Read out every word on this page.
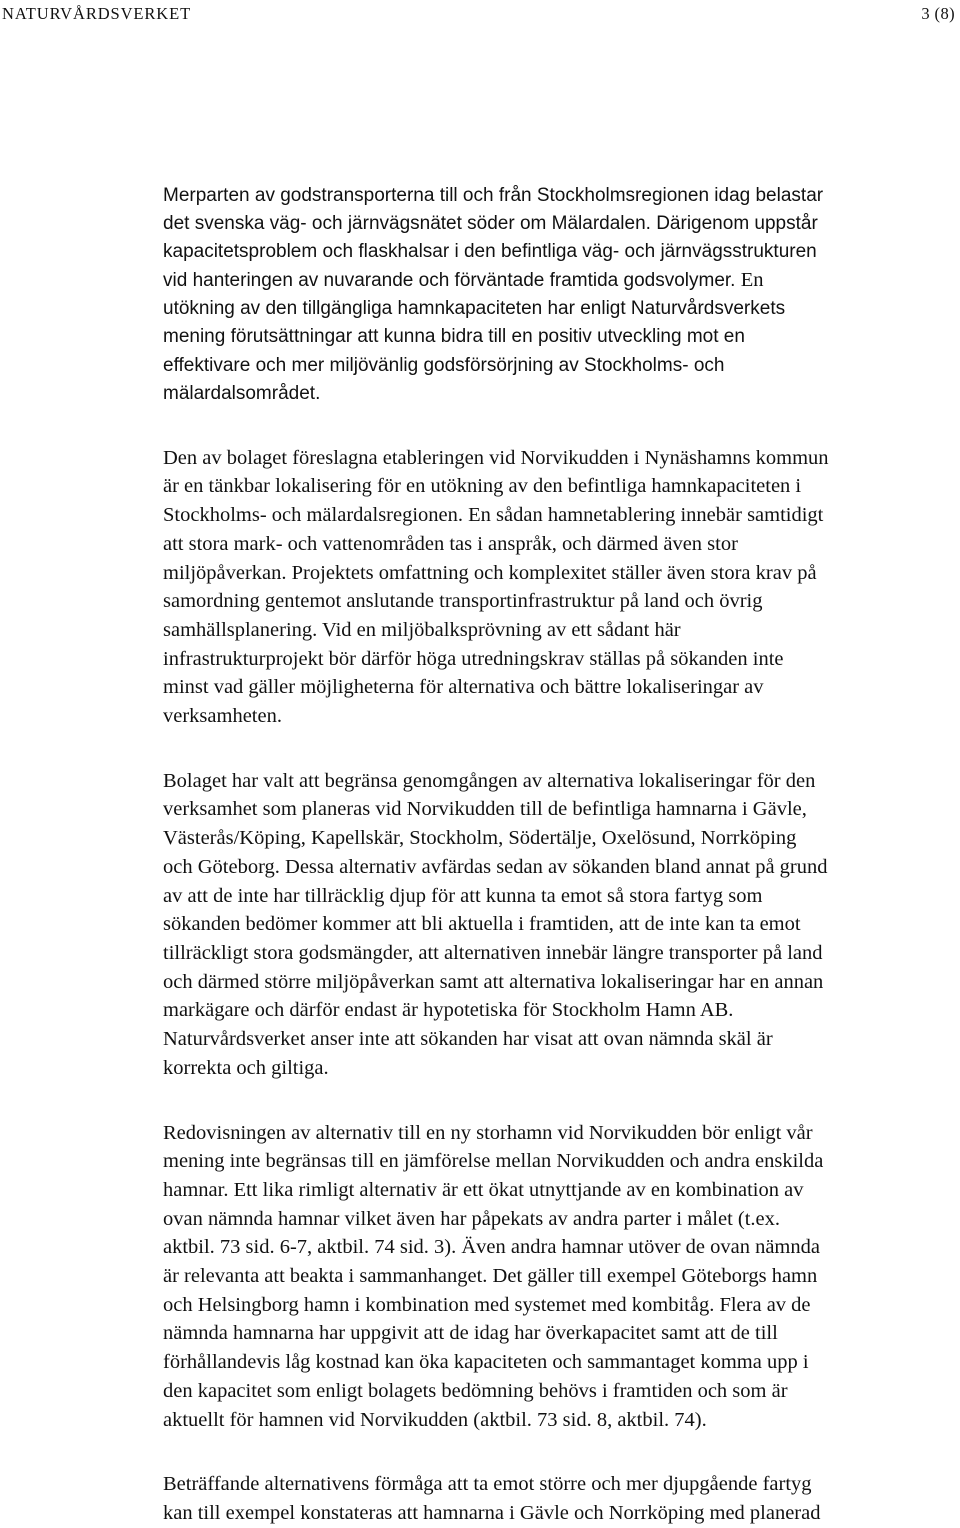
NATURVÅRDSVERKET	3 (8)

Merparten av godstransporterna till och från Stockholmsregionen idag belastar
det svenska väg- och järnvägsnätet söder om Mälardalen. Därigenom uppstår
kapacitetsproblem och flaskhalsar i den befintliga väg- och järnvägsstrukturen
vid hanteringen av nuvarande och förväntade framtida godsvolymer. En
utökning av den tillgängliga hamnkapaciteten har enligt Naturvårdsverkets
mening förutsättningar att kunna bidra till en positiv utveckling mot en
effektivare och mer miljövänlig godsförsörjning av Stockholms- och
mälardalsområdet.

Den av bolaget föreslagna etableringen vid Norvikudden i Nynäshamns kommun
är en tänkbar lokalisering för en utökning av den befintliga hamnkapaciteten i
Stockholms- och mälardalsregionen. En sådan hamnetablering innebär samtidigt
att stora mark- och vattenområden tas i anspråk, och därmed även stor
miljöpåverkan. Projektets omfattning och komplexitet ställer även stora krav på
samordning gentemot anslutande transportinfrastruktur på land och övrig
samhällsplanering. Vid en miljöbalksprövning av ett sådant här
infrastrukturprojekt bör därför höga utredningskrav ställas på sökanden inte
minst vad gäller möjligheterna för alternativa och bättre lokaliseringar av
verksamheten.

Bolaget har valt att begränsa genomgången av alternativa lokaliseringar för den
verksamhet som planeras vid Norvikudden till de befintliga hamnarna i Gävle,
Västerås/Köping, Kapellskär, Stockholm, Södertälje, Oxelösund, Norrköping
och Göteborg. Dessa alternativ avfärdas sedan av sökanden bland annat på grund
av att de inte har tillräcklig djup för att kunna ta emot så stora fartyg som
sökanden bedömer kommer att bli aktuella i framtiden, att de inte kan ta emot
tillräckligt stora godsmängder, att alternativen innebär längre transporter på land
och därmed större miljöpåverkan samt att alternativa lokaliseringar har en annan
markägare och därför endast är hypotetiska för Stockholm Hamn AB.
Naturvårdsverket anser inte att sökanden har visat att ovan nämnda skäl är
korrekta och giltiga.

Redovisningen av alternativ till en ny storhamn vid Norvikudden bör enligt vår
mening inte begränsas till en jämförelse mellan Norvikudden och andra enskilda
hamnar. Ett lika rimligt alternativ är ett ökat utnyttjande av en kombination av
ovan nämnda hamnar vilket även har påpekats av andra parter i målet (t.ex.
aktbil. 73 sid. 6-7, aktbil. 74 sid. 3). Även andra hamnar utöver de ovan nämnda
är relevanta att beakta i sammanhanget. Det gäller till exempel Göteborgs hamn
och Helsingborg hamn i kombination med systemet med kombitåg. Flera av de
nämnda hamnarna har uppgivit att de idag har överkapacitet samt att de till
förhållandevis låg kostnad kan öka kapaciteten och sammantaget komma upp i
den kapacitet som enligt bolagets bedömning behövs i framtiden och som är
aktuellt för hamnen vid Norvikudden (aktbil. 73 sid. 8, aktbil. 74).

Beträffande alternativens förmåga att ta emot större och mer djupgående fartyg
kan till exempel konstateras att hamnarna i Gävle och Norrköping med planerad
